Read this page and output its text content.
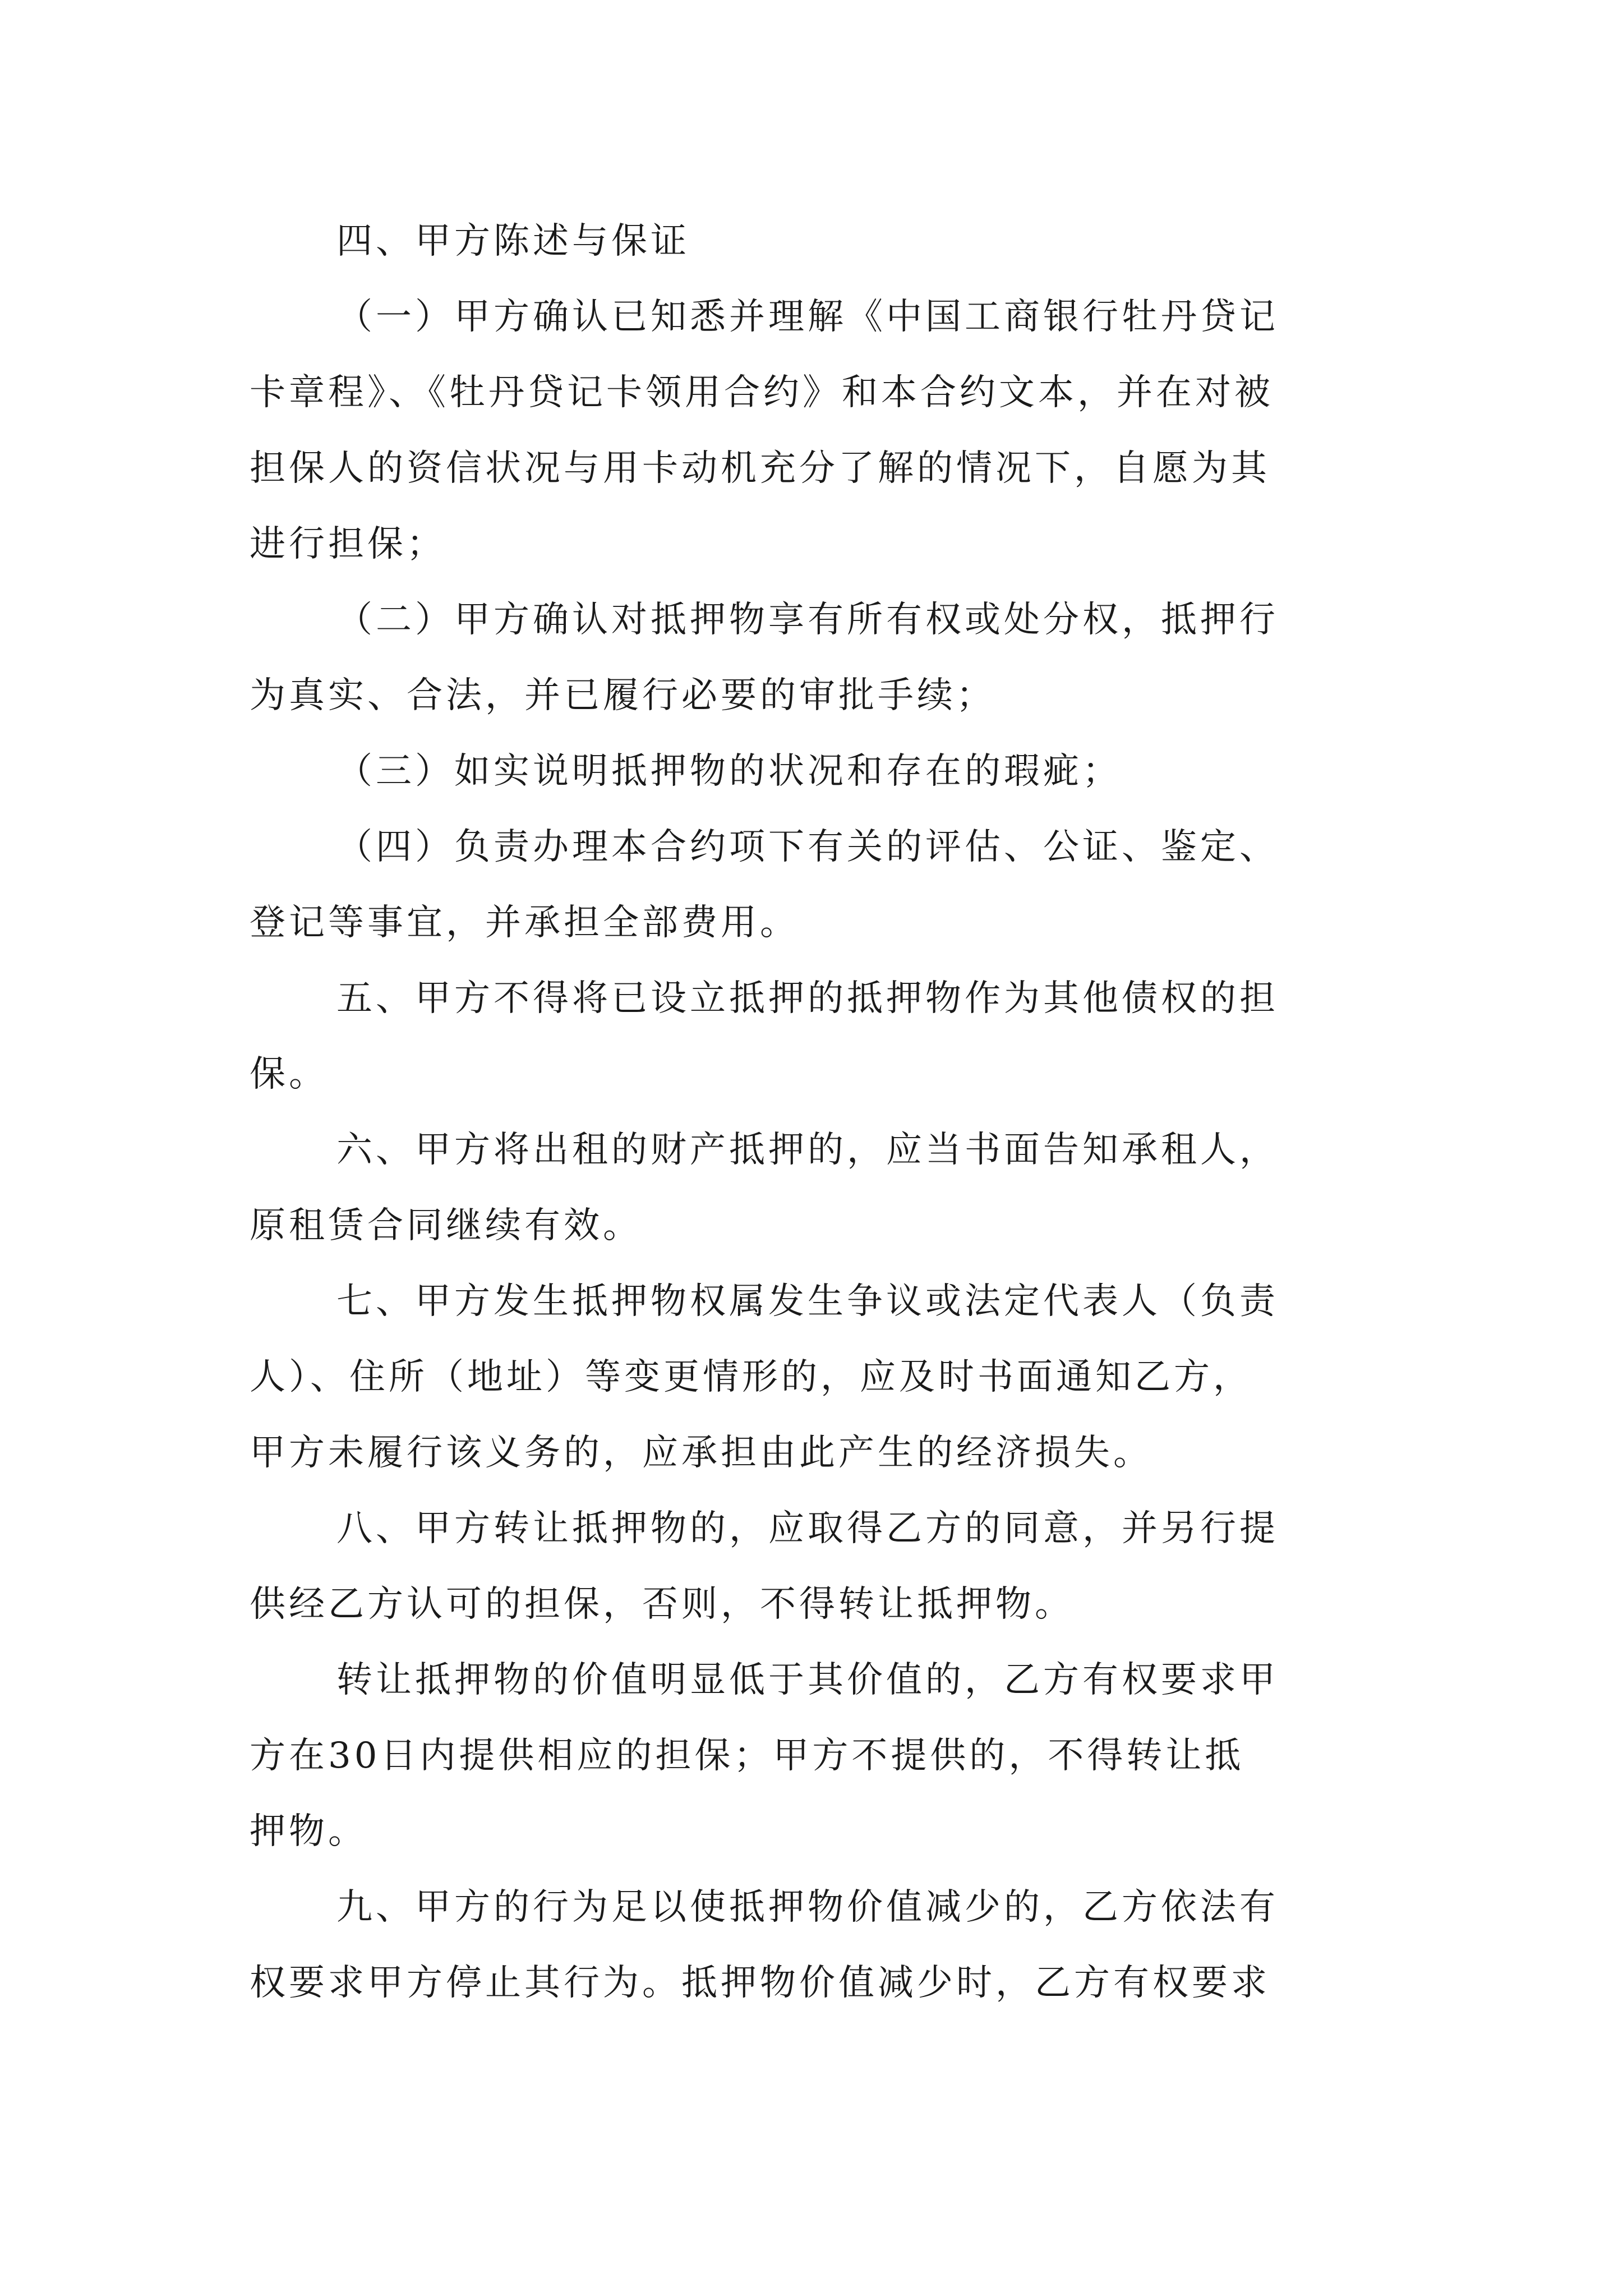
四、甲方陈述与保证
（一）甲方确认已知悉并理解《中国工商银行牡丹贷记
卡章程》、《牡丹贷记卡领用合约》和本合约文本，并在对被
担保人的资信状况与用卡动机充分了解的情况下，自愿为其
进行担保；
（二）甲方确认对抵押物享有所有权或处分权，抵押行
为真实、合法，并已履行必要的审批手续；
（三）如实说明抵押物的状况和存在的瑕疵；
（四）负责办理本合约项下有关的评估、公证、鉴定、
登记等事宜，并承担全部费用。
五、甲方不得将已设立抵押的抵押物作为其他债权的担
保。
六、甲方将出租的财产抵押的，应当书面告知承租人，
原租赁合同继续有效。
七、甲方发生抵押物权属发生争议或法定代表人（负责
人）、住所（地址）等变更情形的，应及时书面通知乙方，
甲方未履行该义务的，应承担由此产生的经济损失。
八、甲方转让抵押物的，应取得乙方的同意，并另行提
供经乙方认可的担保，否则，不得转让抵押物。
转让抵押物的价值明显低于其价值的，乙方有权要求甲
方在30日内提供相应的担保；甲方不提供的，不得转让抵
押物。
九、甲方的行为足以使抵押物价值减少的，乙方依法有
权要求甲方停止其行为。抵押物价值减少时，乙方有权要求
